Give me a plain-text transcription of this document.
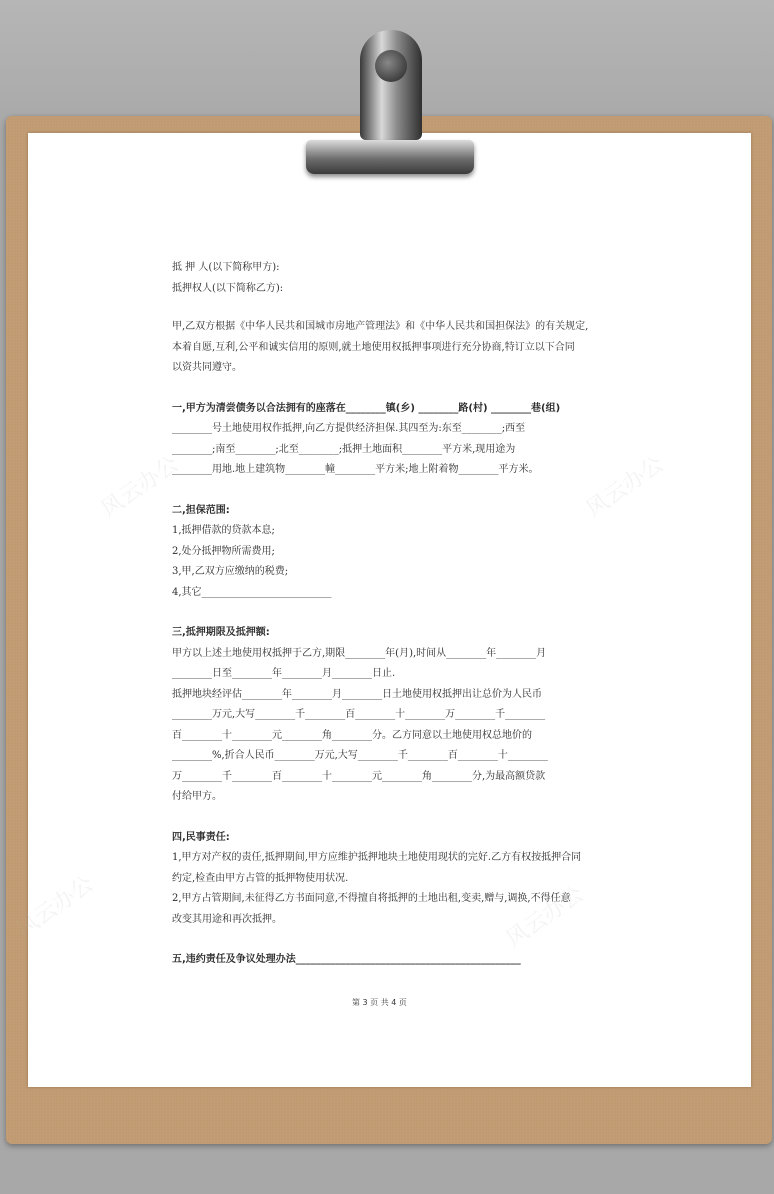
风云办公	风云办公
风云办公	风云办公

抵 押 人(以下简称甲方):

抵押权人(以下简称乙方):

甲,乙双方根据《中华人民共和国城市房地产管理法》和《中华人民共和国担保法》的有关规定,

本着自愿,互利,公平和诚实信用的原则,就土地使用权抵押事项进行充分协商,特订立以下合同

以资共同遵守。

一,甲方为清尝债务以合法拥有的座落在________镇(乡) ________路(村) ________巷(组)

________号土地使用权作抵押,向乙方提供经济担保.其四至为:东至________;西至

________;南至________;北至________;抵押土地面积________平方米,现用途为

________用地.地上建筑物________幢________平方米;地上附着物________平方米。

二,担保范围:

1,抵押借款的贷款本息;

2,处分抵押物所需费用;

3,甲,乙双方应缴纳的税费;

4,其它__________________________

三,抵押期限及抵押额:

甲方以上述土地使用权抵押于乙方,期限________年(月),时间从________年________月

________日至________年________月________日止.

抵押地块经评估________年________月________日土地使用权抵押出让总价为人民币

________万元,大写________千________百________十________万________千________

百________十________元________角________分。乙方同意以土地使用权总地价的

________%,折合人民币________万元,大写________千________百________十________

万________千________百________十________元________角________分,为最高额贷款

付给甲方。

四,民事责任:

1,甲方对产权的责任,抵押期间,甲方应维护抵押地块土地使用现状的完好.乙方有权按抵押合同

约定,检查由甲方占管的抵押物使用状况.

2,甲方占管期间,未征得乙方书面同意,不得擅自将抵押的土地出租,变卖,赠与,调换,不得任意

改变其用途和再次抵押。

五,违约责任及争议处理办法_____________________________________________

第 3 页 共 4 页
